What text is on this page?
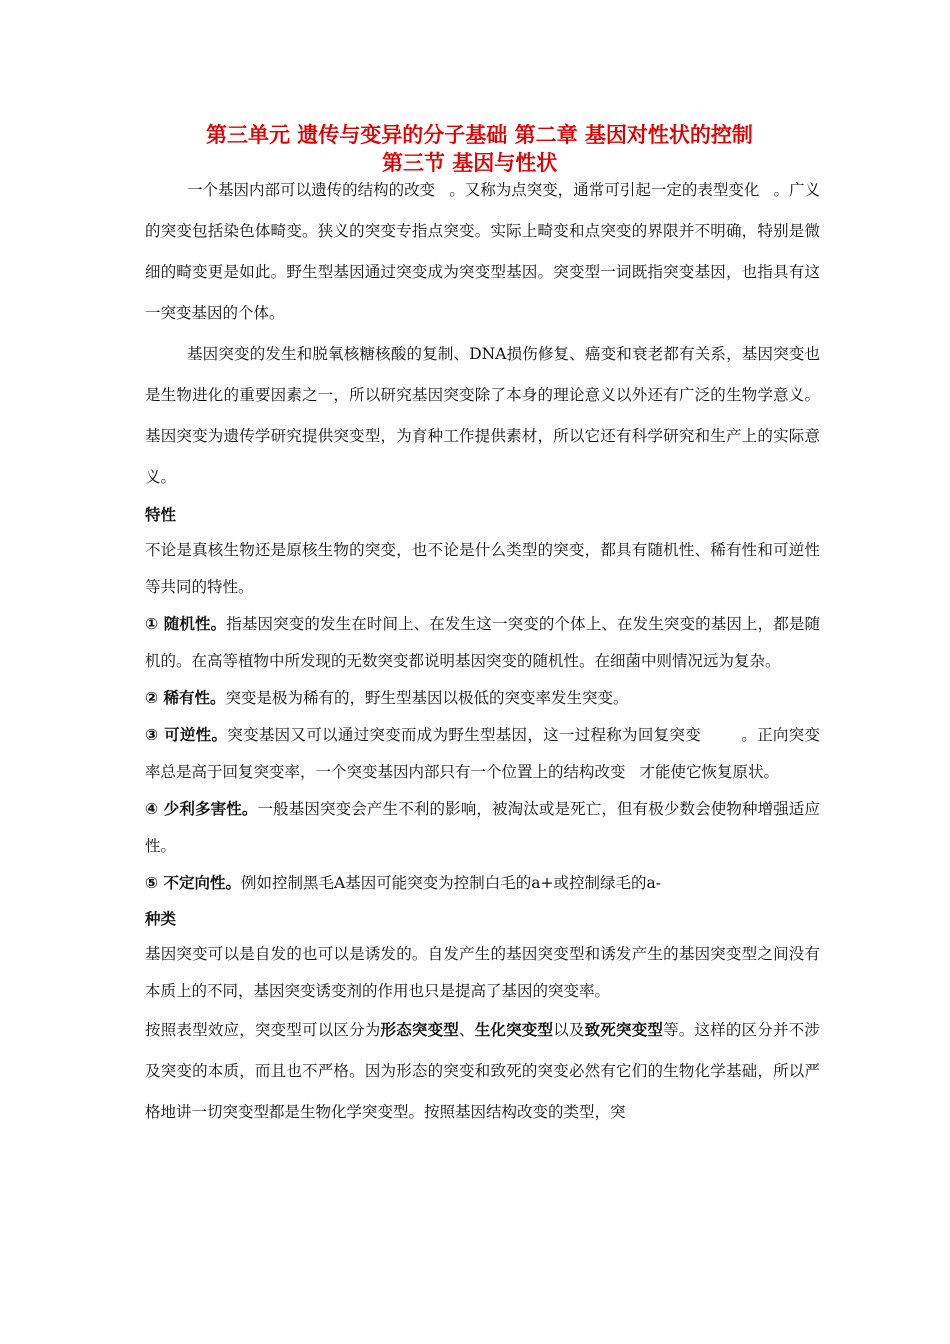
第三单元 遗传与变异的分子基础 第二章 基因对性状的控制
第三节 基因与性状

一个基因内部可以遗传的结构的改变 。又称为点突变，通常可引起一定的表型变化 。广义的突变包括染色体畸变。狭义的突变专指点突变。实际上畸变和点突变的界限并不明确，特别是微细的畸变更是如此。野生型基因通过突变成为突变型基因。突变型一词既指突变基因，也指具有这一突变基因的个体。

基因突变的发生和脱氧核糖核酸的复制、DNA损伤修复、癌变和衰老都有关系，基因突变也是生物进化的重要因素之一，所以研究基因突变除了本身的理论意义以外还有广泛的生物学意义。基因突变为遗传学研究提供突变型，为育种工作提供素材，所以它还有科学研究和生产上的实际意义。

特性

不论是真核生物还是原核生物的突变，也不论是什么类型的突变，都具有随机性、稀有性和可逆性等共同的特性。

① 随机性。指基因突变的发生在时间上、在发生这一突变的个体上、在发生突变的基因上，都是随机的。在高等植物中所发现的无数突变都说明基因突变的随机性。在细菌中则情况远为复杂。

② 稀有性。突变是极为稀有的，野生型基因以极低的突变率发生突变。

③ 可逆性。突变基因又可以通过突变而成为野生型基因，这一过程称为回复突变	。正向突变率总是高于回复突变率，一个突变基因内部只有一个位置上的结构改变 才能使它恢复原状。

④ 少利多害性。一般基因突变会产生不利的影响，被淘汰或是死亡，但有极少数会使物种增强适应性。

⑤ 不定向性。例如控制黑毛A基因可能突变为控制白毛的a+或控制绿毛的a-

种类

基因突变可以是自发的也可以是诱发的。自发产生的基因突变型和诱发产生的基因突变型之间没有本质上的不同，基因突变诱变剂的作用也只是提高了基因的突变率。

按照表型效应，突变型可以区分为形态突变型、生化突变型以及致死突变型等。这样的区分并不涉及突变的本质，而且也不严格。因为形态的突变和致死的突变必然有它们的生物化学基础，所以严格地讲一切突变型都是生物化学突变型。按照基因结构改变的类型，突
